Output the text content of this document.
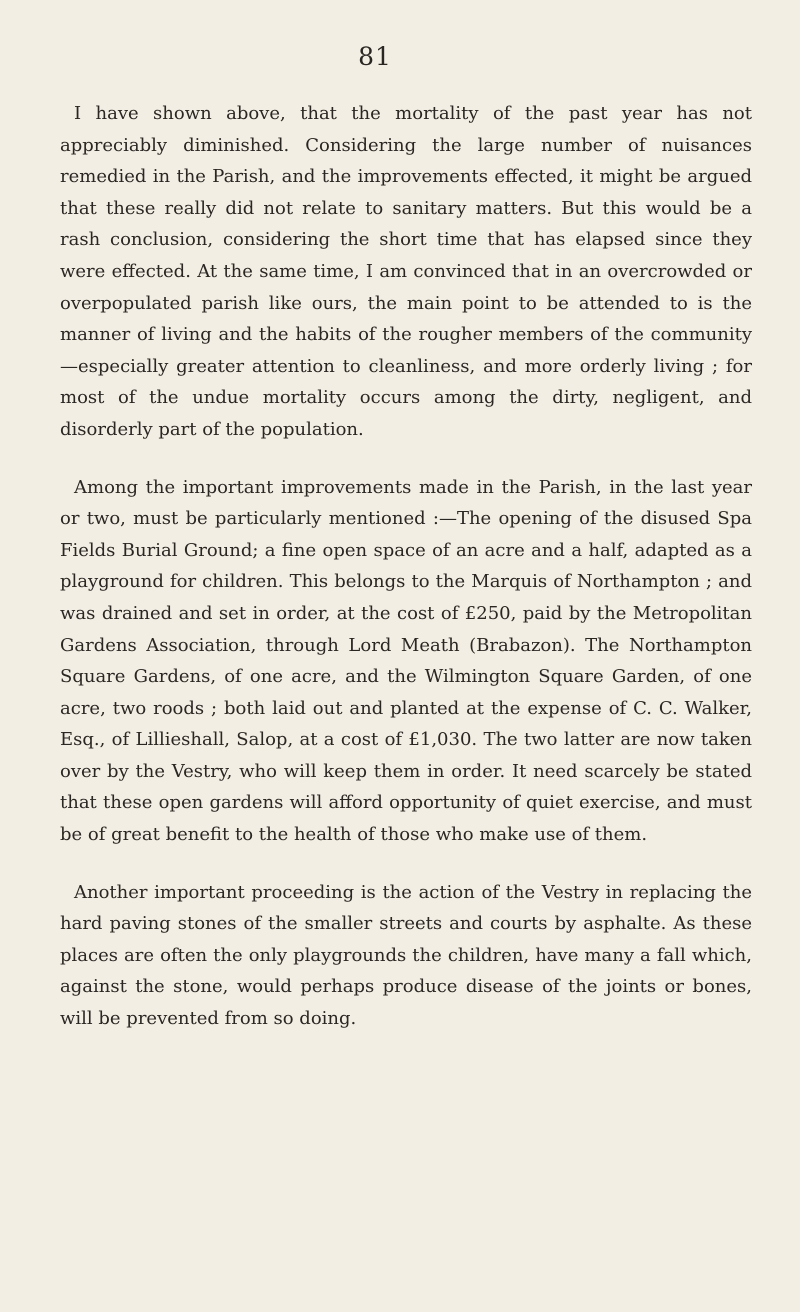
81

I have shown above, that the mortality of the past year has not appreciably diminished. Considering the large number of nuisances remedied in the Parish, and the improvements effected, it might be argued that these really did not relate to sanitary matters. But this would be a rash conclusion, considering the short time that has elapsed since they were effected. At the same time, I am convinced that in an overcrowded or overpopulated parish like ours, the main point to be attended to is the manner of living and the habits of the rougher members of the community—especially greater attention to cleanliness, and more orderly living ; for most of the undue mortality occurs among the dirty, negligent, and disorderly part of the population.

Among the important improvements made in the Parish, in the last year or two, must be particularly mentioned :—The opening of the disused Spa Fields Burial Ground; a fine open space of an acre and a half, adapted as a playground for children. This belongs to the Marquis of Northampton ; and was drained and set in order, at the cost of £250, paid by the Metropolitan Gardens Association, through Lord Meath (Brabazon). The Northampton Square Gardens, of one acre, and the Wilmington Square Garden, of one acre, two roods ; both laid out and planted at the expense of C. C. Walker, Esq., of Lillieshall, Salop, at a cost of £1,030. The two latter are now taken over by the Vestry, who will keep them in order. It need scarcely be stated that these open gardens will afford opportunity of quiet exercise, and must be of great benefit to the health of those who make use of them.

Another important proceeding is the action of the Vestry in replacing the hard paving stones of the smaller streets and courts by asphalte. As these places are often the only playgrounds the children, have many a fall which, against the stone, would perhaps produce disease of the joints or bones, will be prevented from so doing.
